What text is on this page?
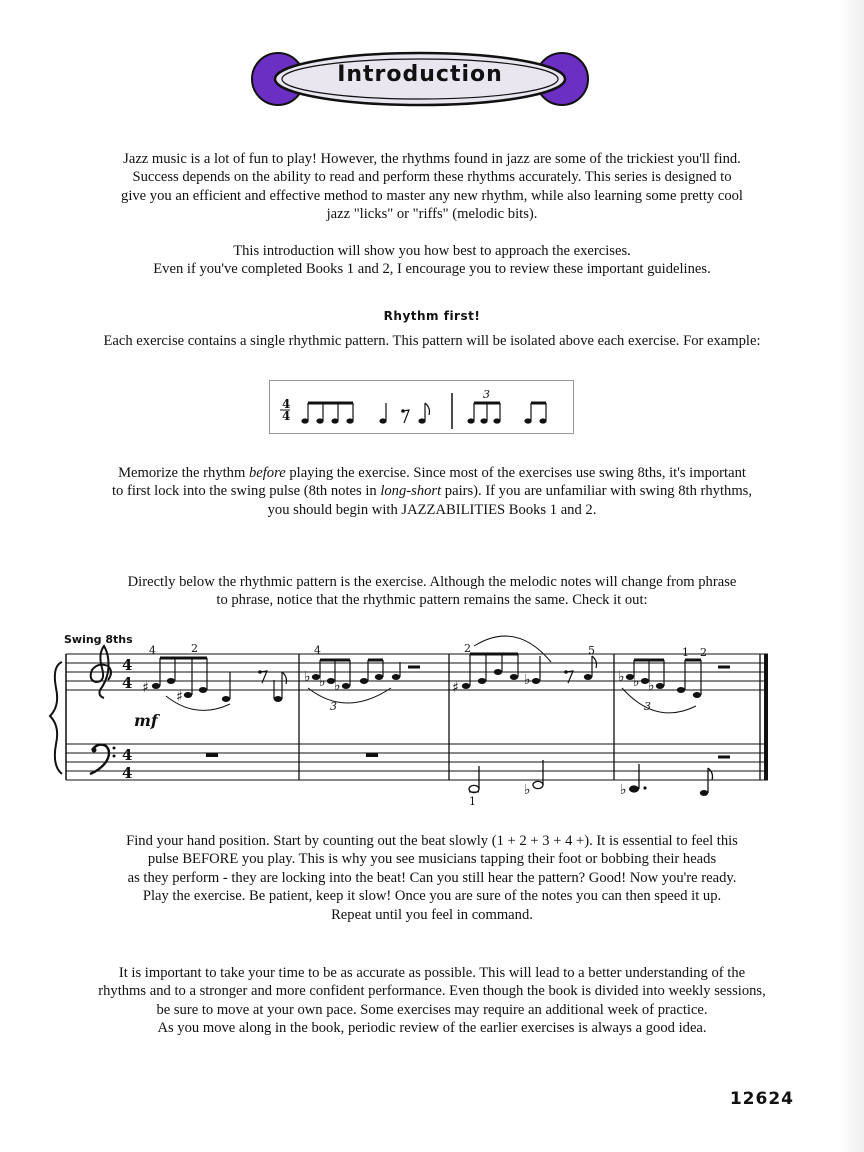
Introduction

Jazz music is a lot of fun to play! However, the rhythms found in jazz are some of the trickiest you'll find.
Success depends on the ability to read and perform these rhythms accurately. This series is designed to
give you an efficient and effective method to master any new rhythm, while also learning some pretty cool
jazz "licks" or "riffs" (melodic bits).

This introduction will show you how best to approach the exercises.
Even if you've completed Books 1 and 2, I encourage you to review these important guidelines.

Rhythm first!

Each exercise contains a single rhythmic pattern. This pattern will be isolated above each exercise. For example:

4
4
3

Memorize the rhythm before playing the exercise. Since most of the exercises use swing 8ths, it's important
to first lock into the swing pulse (8th notes in long-short pairs). If you are unfamiliar with swing 8th rhythms,
you should begin with JAZZABILITIES Books 1 and 2.

Directly below the rhythmic pattern is the exercise. Although the melodic notes will change from phrase
to phrase, notice that the rhythmic pattern remains the same. Check it out:

Swing 8ths
4
4
4
4
♯
♯
4	2
mf
♭ ♭ ♭
4
3
♯	♭
2	5
♭
1
♭ ♭ ♭
3
1 2
♭

Find your hand position. Start by counting out the beat slowly (1 + 2 + 3 + 4 +). It is essential to feel this
pulse BEFORE you play. This is why you see musicians tapping their foot or bobbing their heads
as they perform - they are locking into the beat! Can you still hear the pattern? Good! Now you're ready.
Play the exercise. Be patient, keep it slow! Once you are sure of the notes you can then speed it up.
Repeat until you feel in command.

It is important to take your time to be as accurate as possible. This will lead to a better understanding of the
rhythms and to a stronger and more confident performance. Even though the book is divided into weekly sessions,
be sure to move at your own pace. Some exercises may require an additional week of practice.
As you move along in the book, periodic review of the earlier exercises is always a good idea.

12624
